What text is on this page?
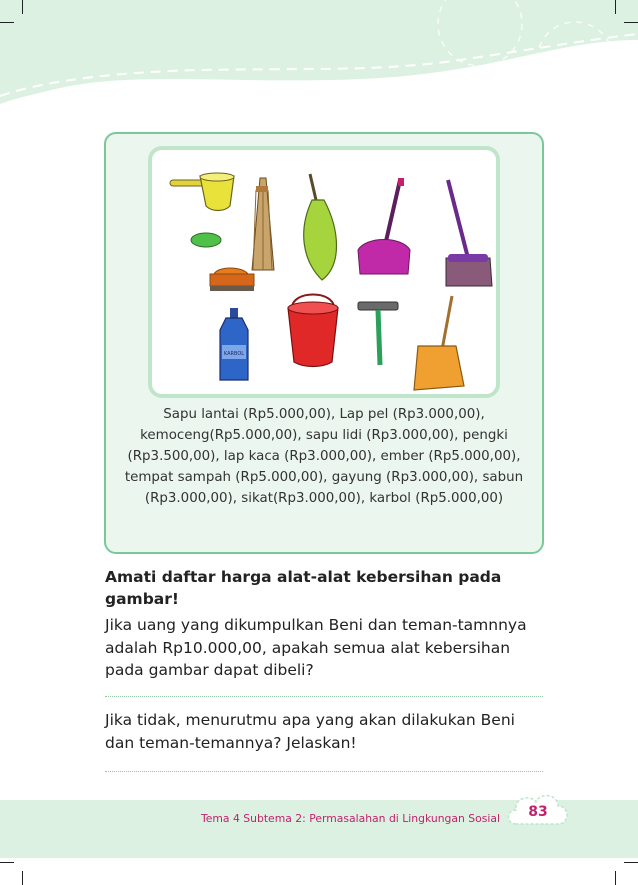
KARBOL
Sapu lantai (Rp5.000,00), Lap pel (Rp3.000,00), kemoceng(Rp5.000,00), sapu lidi (Rp3.000,00), pengki (Rp3.500,00), lap kaca (Rp3.000,00), ember (Rp5.000,00), tempat sampah (Rp5.000,00), gayung (Rp3.000,00), sabun (Rp3.000,00), sikat(Rp3.000,00), karbol (Rp5.000,00)
Amati daftar harga alat-alat kebersihan pada gambar!
Jika uang yang dikumpulkan Beni dan teman-tamnnya adalah Rp10.000,00, apakah semua alat kebersihan pada gambar dapat dibeli?
Jika tidak, menurutmu apa yang akan dilakukan Beni dan teman-temannya? Jelaskan!
Tema 4 Subtema 2: Permasalahan di Lingkungan Sosial	83
